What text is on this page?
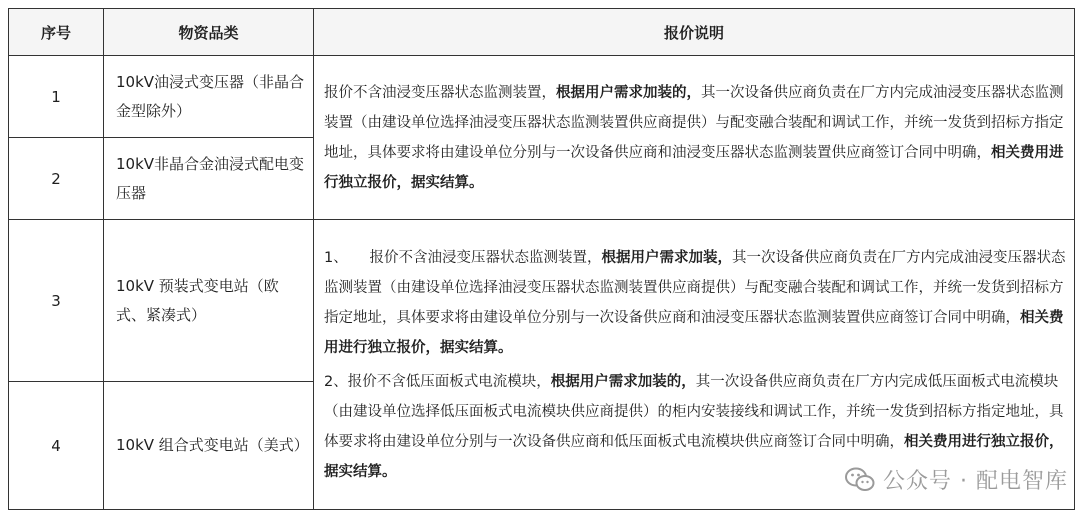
序号	物资品类	报价说明
1	10kV油浸式变压器（非晶合金型除外）	报价不含油浸变压器状态监测装置，根据用户需求加装的，其一次设备供应商负责在厂方内完成油浸变压器状态监测装置（由建设单位选择油浸变压器状态监测装置供应商提供）与配变融合装配和调试工作，并统一发货到招标方指定地址，具体要求将由建设单位分别与一次设备供应商和油浸变压器状态监测装置供应商签订合同中明确，相关费用进行独立报价，据实结算。

2	10kV非晶合金油浸式配电变压器	
3	10kV 预装式变电站（欧式、紧凑式）	1、　　报价不含油浸变压器状态监测装置，根据用户需求加装，其一次设备供应商负责在厂方内完成油浸变压器状态监测装置（由建设单位选择油浸变压器状态监测装置供应商提供）与配变融合装配和调试工作，并统一发货到招标方指定地址，具体要求将由建设单位分别与一次设备供应商和油浸变压器状态监测装置供应商签订合同中明确，相关费用进行独立报价，据实结算。

2、报价不含低压面板式电流模块，根据用户需求加装的，其一次设备供应商负责在厂方内完成低压面板式电流模块（由建设单位选择低压面板式电流模块供应商提供）的柜内安装接线和调试工作，并统一发货到招标方指定地址，具体要求将由建设单位分别与一次设备供应商和低压面板式电流模块供应商签订合同中明确，相关费用进行独立报价，据实结算。

4	10kV 组合式变电站（美式）	
公众号 · 配电智库
